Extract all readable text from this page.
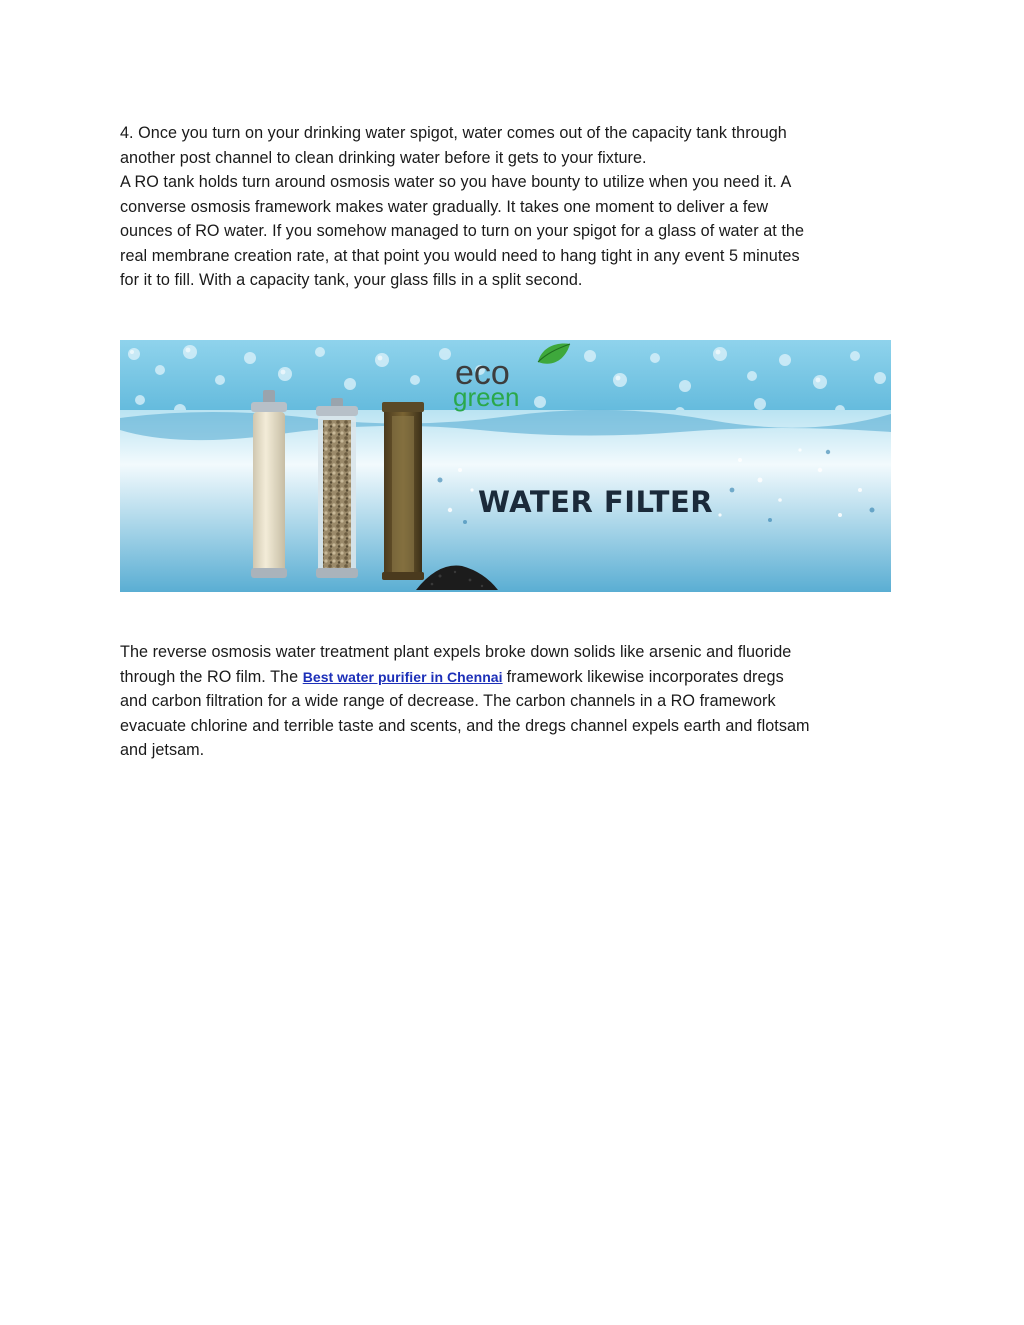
4. Once you turn on your drinking water spigot, water comes out of the capacity tank through
another post channel to clean drinking water before it gets to your fixture.
A RO tank holds turn around osmosis water so you have bounty to utilize when you need it. A
converse osmosis framework makes water gradually. It takes one moment to deliver a few
ounces of RO water. If you somehow managed to turn on your spigot for a glass of water at the
real membrane creation rate, at that point you would need to hang tight in any event 5 minutes
for it to fill. With a capacity tank, your glass fills in a split second.

eco
green
WATER FILTER

The reverse osmosis water treatment plant expels broke down solids like arsenic and fluoride
through the RO film. The Best water purifier in Chennai framework likewise incorporates dregs
and carbon filtration for a wide range of decrease. The carbon channels in a RO framework
evacuate chlorine and terrible taste and scents, and the dregs channel expels earth and flotsam
and jetsam.
